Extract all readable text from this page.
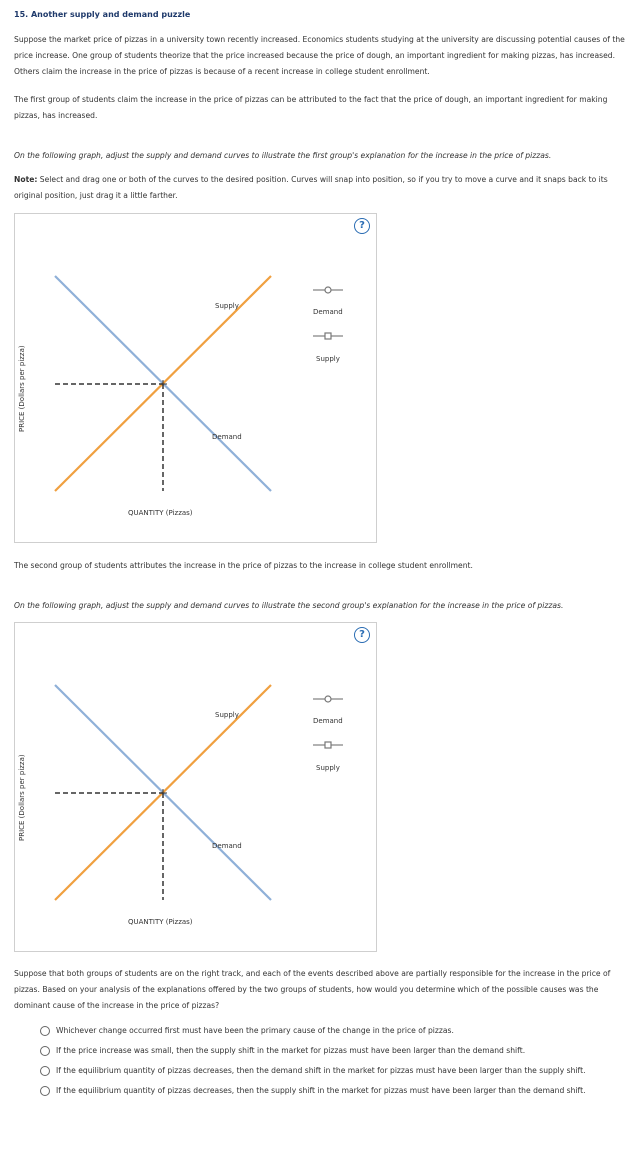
15. Another supply and demand puzzle
Suppose the market price of pizzas in a university town recently increased. Economics students studying at the university are discussing potential causes of the price increase. One group of students theorize that the price increased because the price of dough, an important ingredient for making pizzas, has increased. Others claim the increase in the price of pizzas is because of a recent increase in college student enrollment.
The first group of students claim the increase in the price of pizzas can be attributed to the fact that the price of dough, an important ingredient for making pizzas, has increased.
On the following graph, adjust the supply and demand curves to illustrate the first group's explanation for the increase in the price of pizzas.
Note: Select and drag one or both of the curves to the desired position. Curves will snap into position, so if you try to move a curve and it snaps back to its original position, just drag it a little farther.
?
PRICE (Dollars per pizza)
Supply
Demand
QUANTITY (Pizzas)
Demand
Supply
The second group of students attributes the increase in the price of pizzas to the increase in college student enrollment.
On the following graph, adjust the supply and demand curves to illustrate the second group's explanation for the increase in the price of pizzas.
?
PRICE (Dollars per pizza)
Supply
Demand
QUANTITY (Pizzas)
Demand
Supply
Suppose that both groups of students are on the right track, and each of the events described above are partially responsible for the increase in the price of pizzas. Based on your analysis of the explanations offered by the two groups of students, how would you determine which of the possible causes was the dominant cause of the increase in the price of pizzas?
Whichever change occurred first must have been the primary cause of the change in the price of pizzas.
If the price increase was small, then the supply shift in the market for pizzas must have been larger than the demand shift.
If the equilibrium quantity of pizzas decreases, then the demand shift in the market for pizzas must have been larger than the supply shift.
If the equilibrium quantity of pizzas decreases, then the supply shift in the market for pizzas must have been larger than the demand shift.
